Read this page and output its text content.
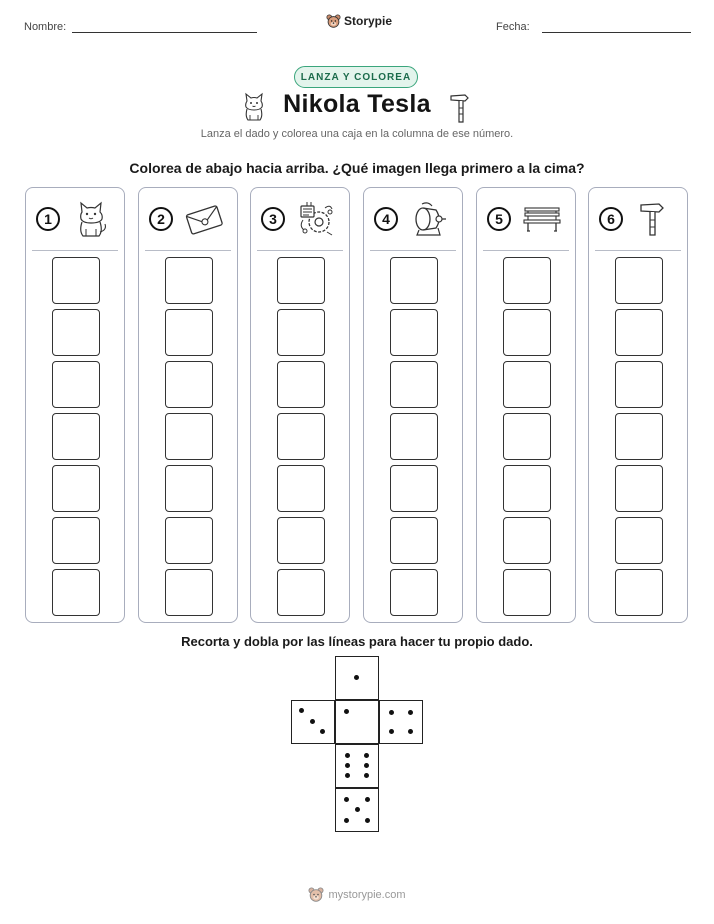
Nombre:	Storypie	Fecha:
LANZA Y COLOREA
Nikola Tesla
Lanza el dado y colorea una caja en la columna de ese número.
Colorea de abajo hacia arriba. ¿Qué imagen llega primero a la cima?
1	2	3	4	5	6
Recorta y dobla por las líneas para hacer tu propio dado.
mystorypie.com
